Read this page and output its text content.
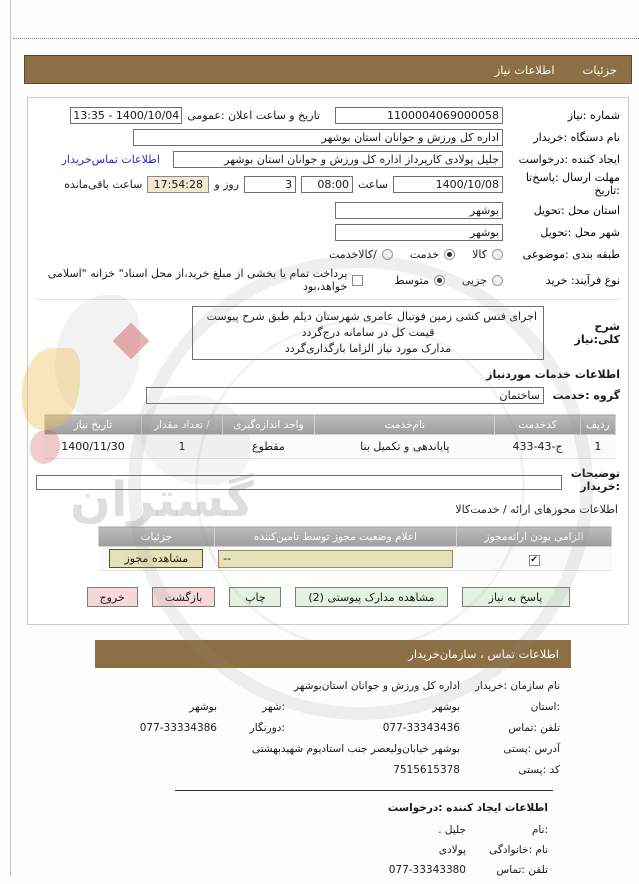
جزئیات
اطلاعات نیاز
شماره :نیاز
1100004069000058
تاریخ و ساعت اعلان :عمومی
13:35 - 1400/10/04
نام دستگاه :خریدار
اداره کل ورزش و جوانان استان بوشهر
ایجاد کننده :درخواست
جلیل پولادی کارپرداز اداره کل ورزش و جوانان استان بوشهر
اطلاعات تماس‌خریدار
مهلت ارسال :پاسخ‌تا
:تاریخ
1400/10/08
ساعت
08:00
3
روز و
17:54:28
ساعت باقی‌مانده
استان محل :تحویل
بوشهر
شهر محل :تحویل
بوشهر
طبقه بندی :موضوعی
کالا
خدمت
/کالاخدمت
نوع فرآیند: خرید
جزیی
متوسط
پرداخت تمام یا بخشی از مبلغ خرید،از محل اسناد" خزانه "اسلامی خواهد،بود
شرح کلی:نیاز
اجرای فنس کشی زمین فوتبال عامری شهرستان دیلم طبق شرح پیوست
قیمت کل در سامانه درج‌گردد
مدارک مورد نیاز الزاما بارگذاری‌گردد
اطلاعات خدمات موردنیاز
گروه :خدمت
ساختمان
ردیف	کدخدمت	نام‌خدمت	واحد اندازه‌گیری	/ تعداد مقدار	تاریخ نیاز
1	ج-43-433	پایاندهی و تکمیل بنا	مقطوع	1	1400/11/30
توضیحات
:خریدار
اطلاعات مجوزهای ارائه / خدمت‌کالا
الزامی بودن ارائه‌مجوز	اعلام وضعیت مجوز توسط تامین‌کننده	جزئیات
✔	--	مشاهده مجوز
پاسخ به نیاز
مشاهده مدارک پیوستی (2)
چاپ
بازگشت
خروج
اطلاعات تماس ، سازمان‌خریدار
نام سازمان :خریدار
اداره کل ورزش و جوانان استان‌بوشهر
:استان
بوشهر
:شهر
بوشهر
تلفن :تماس
077-33343436
:دورنگار
077-33334386
آدرس :پستی
بوشهر خیابان‌ولیعصر جنب استادیوم شهیدبهشتی
کد :پستی
7515615378
اطلاعات ایجاد کننده :درخواست
:نام
جلیل .
نام :خانوادگی
پولادی
تلفن :تماس
077-33343380
گستران
